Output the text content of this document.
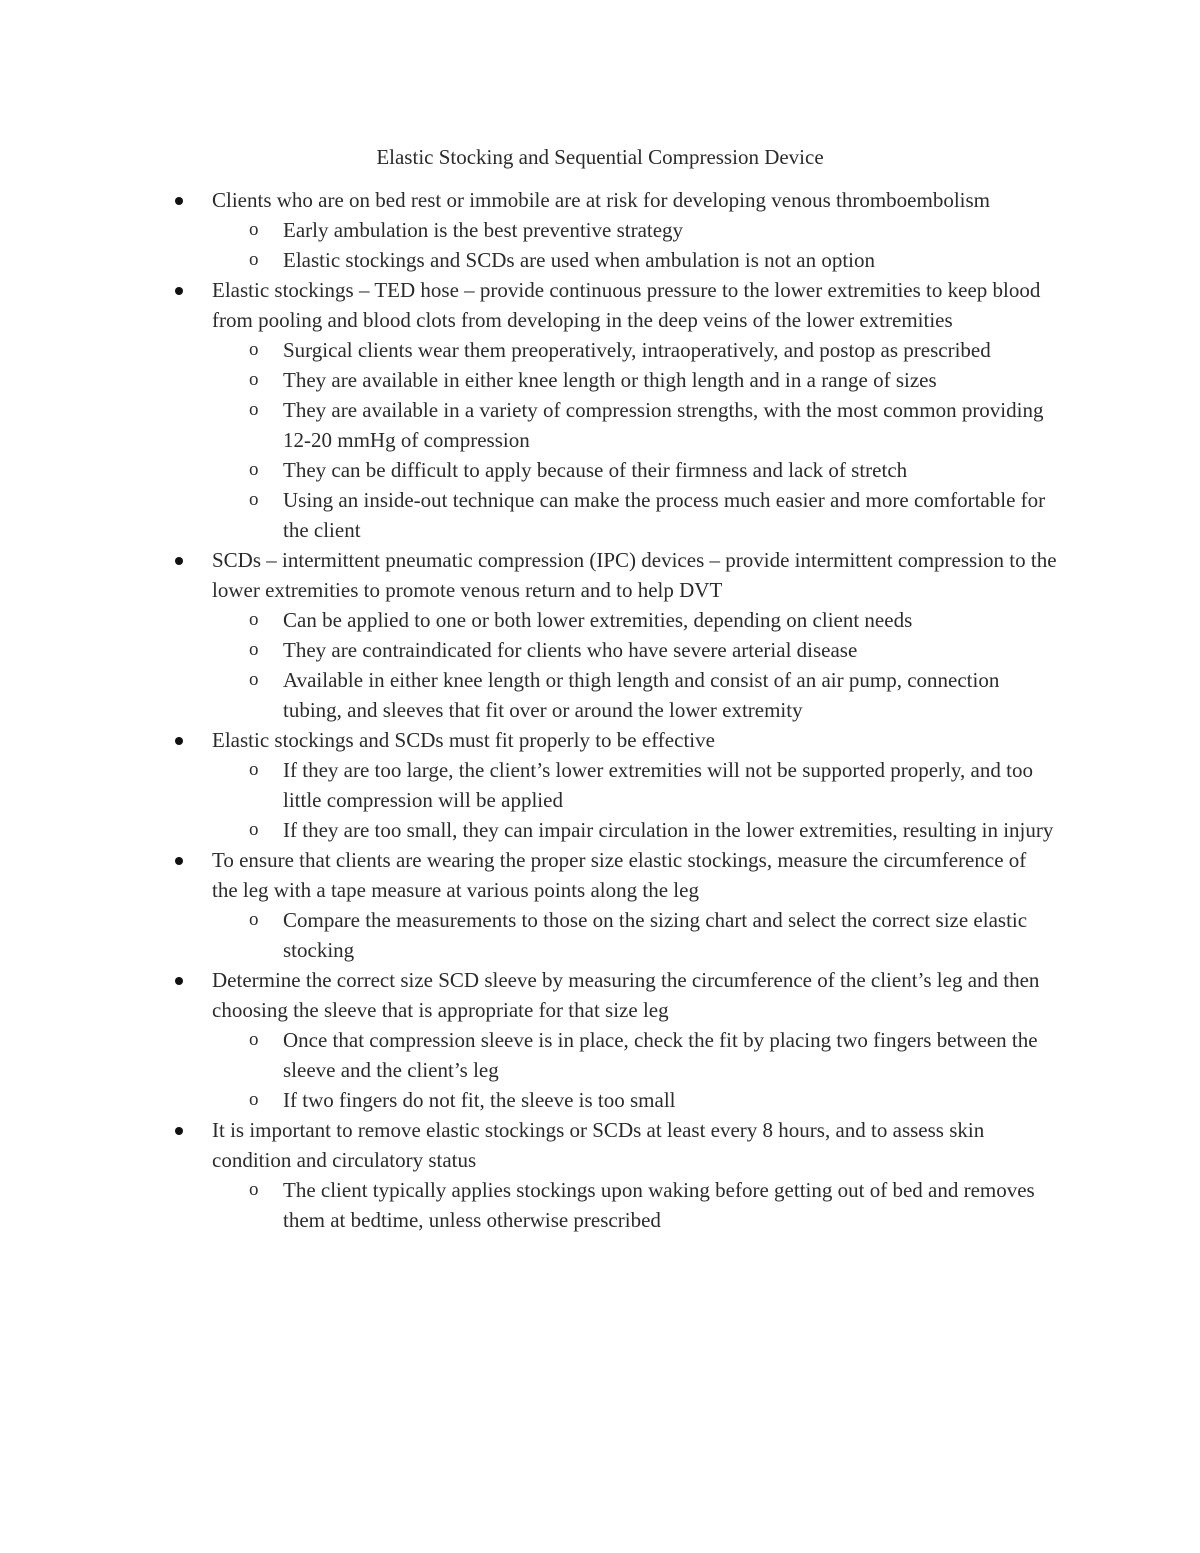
Elastic Stocking and Sequential Compression Device
Clients who are on bed rest or immobile are at risk for developing venous thromboembolism
o Early ambulation is the best preventive strategy
o Elastic stockings and SCDs are used when ambulation is not an option
Elastic stockings – TED hose – provide continuous pressure to the lower extremities to keep blood from pooling and blood clots from developing in the deep veins of the lower extremities
o Surgical clients wear them preoperatively, intraoperatively, and postop as prescribed
o They are available in either knee length or thigh length and in a range of sizes
o They are available in a variety of compression strengths, with the most common providing 12-20 mmHg of compression
o They can be difficult to apply because of their firmness and lack of stretch
o Using an inside-out technique can make the process much easier and more comfortable for the client
SCDs – intermittent pneumatic compression (IPC) devices – provide intermittent compression to the lower extremities to promote venous return and to help DVT
o Can be applied to one or both lower extremities, depending on client needs
o They are contraindicated for clients who have severe arterial disease
o Available in either knee length or thigh length and consist of an air pump, connection tubing, and sleeves that fit over or around the lower extremity
Elastic stockings and SCDs must fit properly to be effective
o If they are too large, the client’s lower extremities will not be supported properly, and too little compression will be applied
o If they are too small, they can impair circulation in the lower extremities, resulting in injury
To ensure that clients are wearing the proper size elastic stockings, measure the circumference of the leg with a tape measure at various points along the leg
o Compare the measurements to those on the sizing chart and select the correct size elastic stocking
Determine the correct size SCD sleeve by measuring the circumference of the client’s leg and then choosing the sleeve that is appropriate for that size leg
o Once that compression sleeve is in place, check the fit by placing two fingers between the sleeve and the client’s leg
o If two fingers do not fit, the sleeve is too small
It is important to remove elastic stockings or SCDs at least every 8 hours, and to assess skin condition and circulatory status
o The client typically applies stockings upon waking before getting out of bed and removes them at bedtime, unless otherwise prescribed
